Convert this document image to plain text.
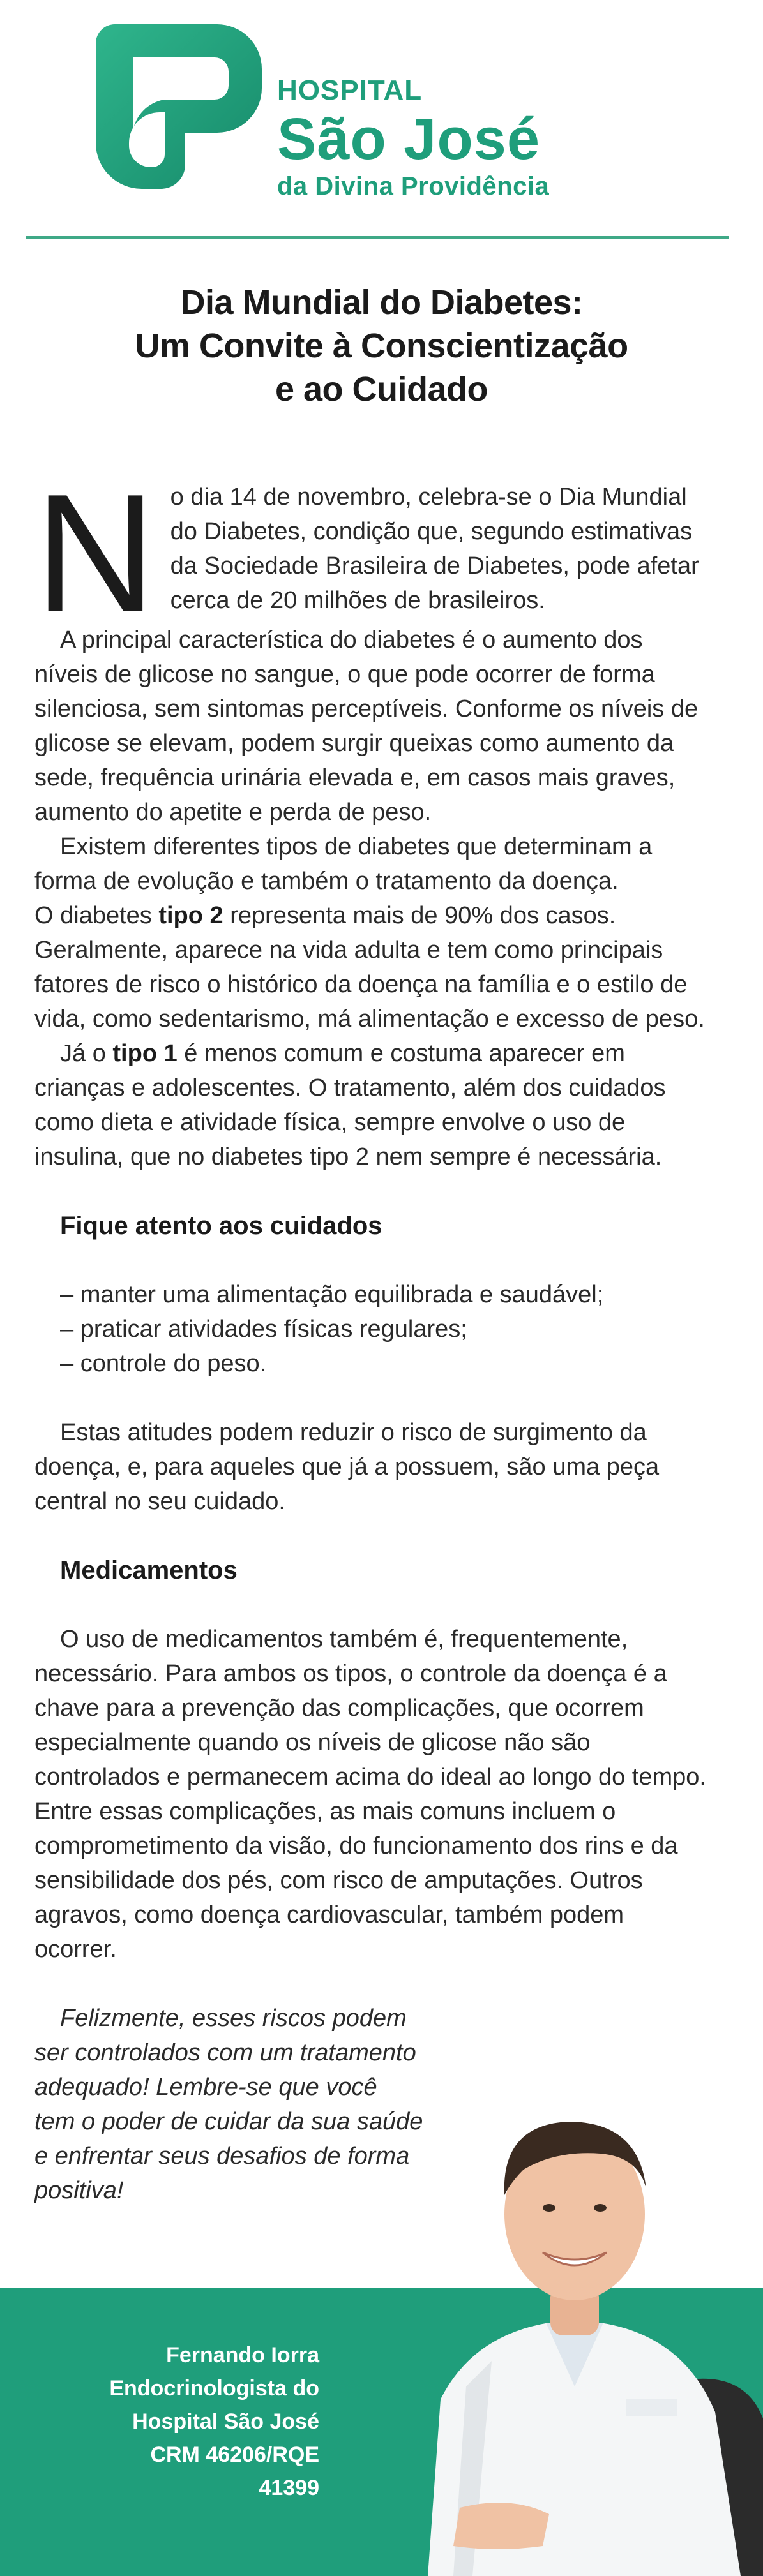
HOSPITAL
São José
da Divina Providência
Dia Mundial do Diabetes:
Um Convite à Conscientização
e ao Cuidado

N o dia 14 de novembro, celebra-se o Dia Mundial do Diabetes, condição que, segundo estimativas da Sociedade Brasileira de Diabetes, pode afetar cerca de 20 milhões de brasileiros.

A principal característica do diabetes é o aumento dos níveis de glicose no sangue, o que pode ocorrer de forma silenciosa, sem sintomas perceptíveis. Conforme os níveis de glicose se elevam, podem surgir queixas como aumento da sede, frequência urinária elevada e, em casos mais graves, aumento do apetite e perda de peso.

Existem diferentes tipos de diabetes que determinam a forma de evolução e também o tratamento da doença.

O diabetes tipo 2 representa mais de 90% dos casos. Geralmente, aparece na vida adulta e tem como principais fatores de risco o histórico da doença na família e o estilo de vida, como sedentarismo, má alimentação e excesso de peso.

Já o tipo 1 é menos comum e costuma aparecer em crianças e adolescentes. O tratamento, além dos cuidados como dieta e atividade física, sempre envolve o uso de insulina, que no diabetes tipo 2 nem sempre é necessária.

Fique atento aos cuidados

– manter uma alimentação equilibrada e saudável;

– praticar atividades físicas regulares;

– controle do peso.

Estas atitudes podem reduzir o risco de surgimento da doença, e, para aqueles que já a possuem, são uma peça central no seu cuidado.

Medicamentos

O uso de medicamentos também é, frequentemente, necessário. Para ambos os tipos, o controle da doença é a chave para a prevenção das complicações, que ocorrem especialmente quando os níveis de glicose não são controlados e permanecem acima do ideal ao longo do tempo. Entre essas complicações, as mais comuns incluem o comprometimento da visão, do funcionamento dos rins e da sensibilidade dos pés, com risco de amputações. Outros agravos, como doença cardiovascular, também podem ocorrer.

Felizmente, esses riscos podem ser controlados com um tratamento adequado! Lembre-se que você tem o poder de cuidar da sua saúde e enfrentar seus desafios de forma positiva!

Fernando Iorra
Endocrinologista do
Hospital São José
CRM 46206/RQE
41399
